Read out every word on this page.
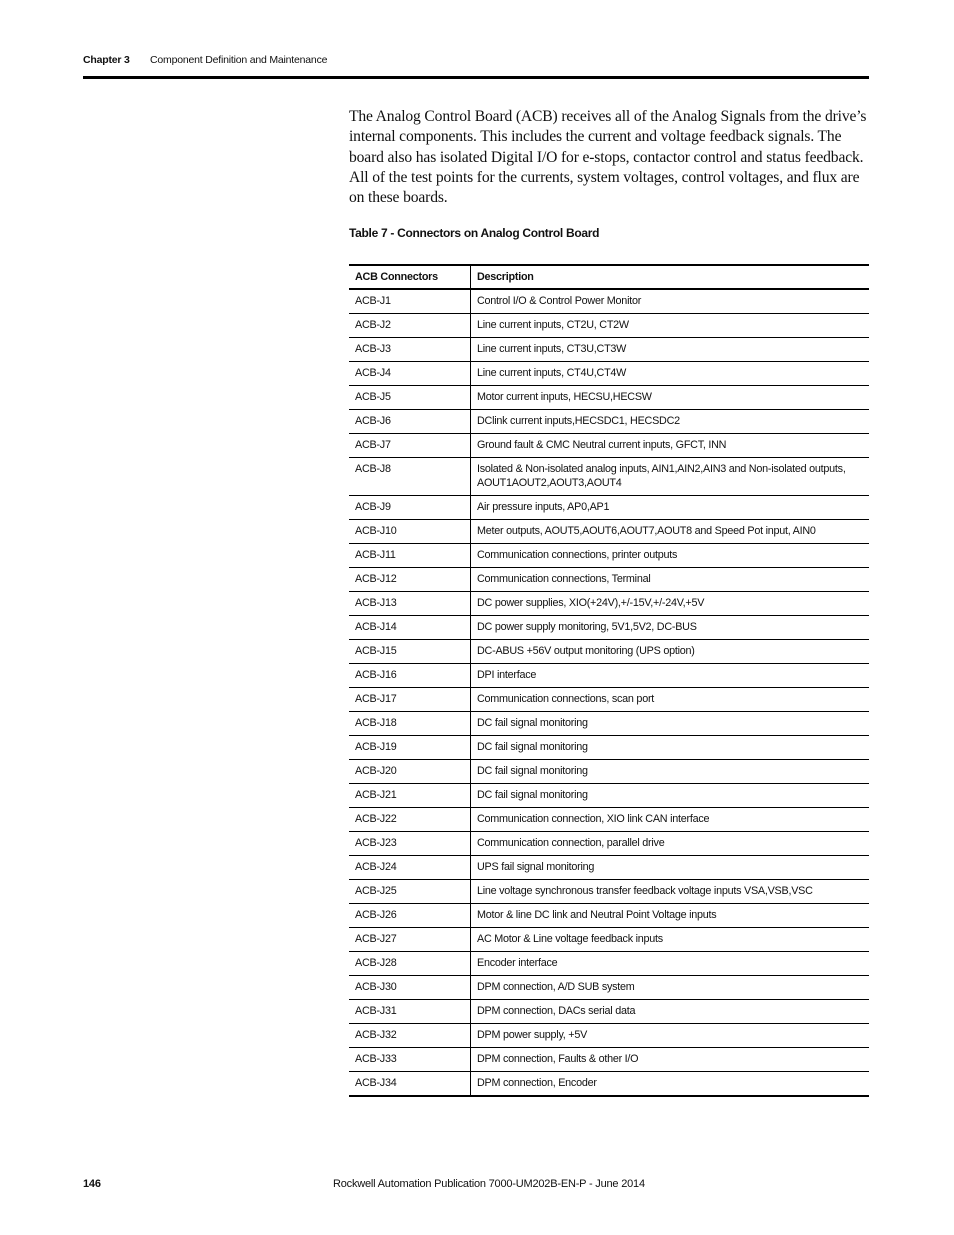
Chapter 3 Component Definition and Maintenance

The Analog Control Board (ACB) receives all of the Analog Signals from the drive’s internal components. This includes the current and voltage feedback signals. The board also has isolated Digital I/O for e-stops, contactor control and status feedback. All of the test points for the currents, system voltages, control voltages, and flux are on these boards.

Table 7 - Connectors on Analog Control Board
ACB Connectors	Description
ACB-J1	Control I/O & Control Power Monitor
ACB-J2	Line current inputs, CT2U, CT2W
ACB-J3	Line current inputs, CT3U,CT3W
ACB-J4	Line current inputs, CT4U,CT4W
ACB-J5	Motor current inputs, HECSU,HECSW
ACB-J6	DClink current inputs,HECSDC1, HECSDC2
ACB-J7	Ground fault & CMC Neutral current inputs, GFCT, INN
ACB-J8	Isolated & Non-isolated analog inputs, AIN1,AIN2,AIN3 and Non-isolated outputs, AOUT1AOUT2,AOUT3,AOUT4
ACB-J9	Air pressure inputs, AP0,AP1
ACB-J10	Meter outputs, AOUT5,AOUT6,AOUT7,AOUT8 and Speed Pot input, AIN0
ACB-J11	Communication connections, printer outputs
ACB-J12	Communication connections, Terminal
ACB-J13	DC power supplies, XIO(+24V),+/-15V,+/-24V,+5V
ACB-J14	DC power supply monitoring, 5V1,5V2, DC-BUS
ACB-J15	DC-ABUS +56V output monitoring (UPS option)
ACB-J16	DPI interface
ACB-J17	Communication connections, scan port
ACB-J18	DC fail signal monitoring
ACB-J19	DC fail signal monitoring
ACB-J20	DC fail signal monitoring
ACB-J21	DC fail signal monitoring
ACB-J22	Communication connection, XIO link CAN interface
ACB-J23	Communication connection, parallel drive
ACB-J24	UPS fail signal monitoring
ACB-J25	Line voltage synchronous transfer feedback voltage inputs VSA,VSB,VSC
ACB-J26	Motor & line DC link and Neutral Point Voltage inputs
ACB-J27	AC Motor & Line voltage feedback inputs
ACB-J28	Encoder interface
ACB-J30	DPM connection, A/D SUB system
ACB-J31	DPM connection, DACs serial data
ACB-J32	DPM power supply, +5V
ACB-J33	DPM connection, Faults & other I/O
ACB-J34	DPM connection, Encoder
146	Rockwell Automation Publication 7000-UM202B-EN-P - June 2014
